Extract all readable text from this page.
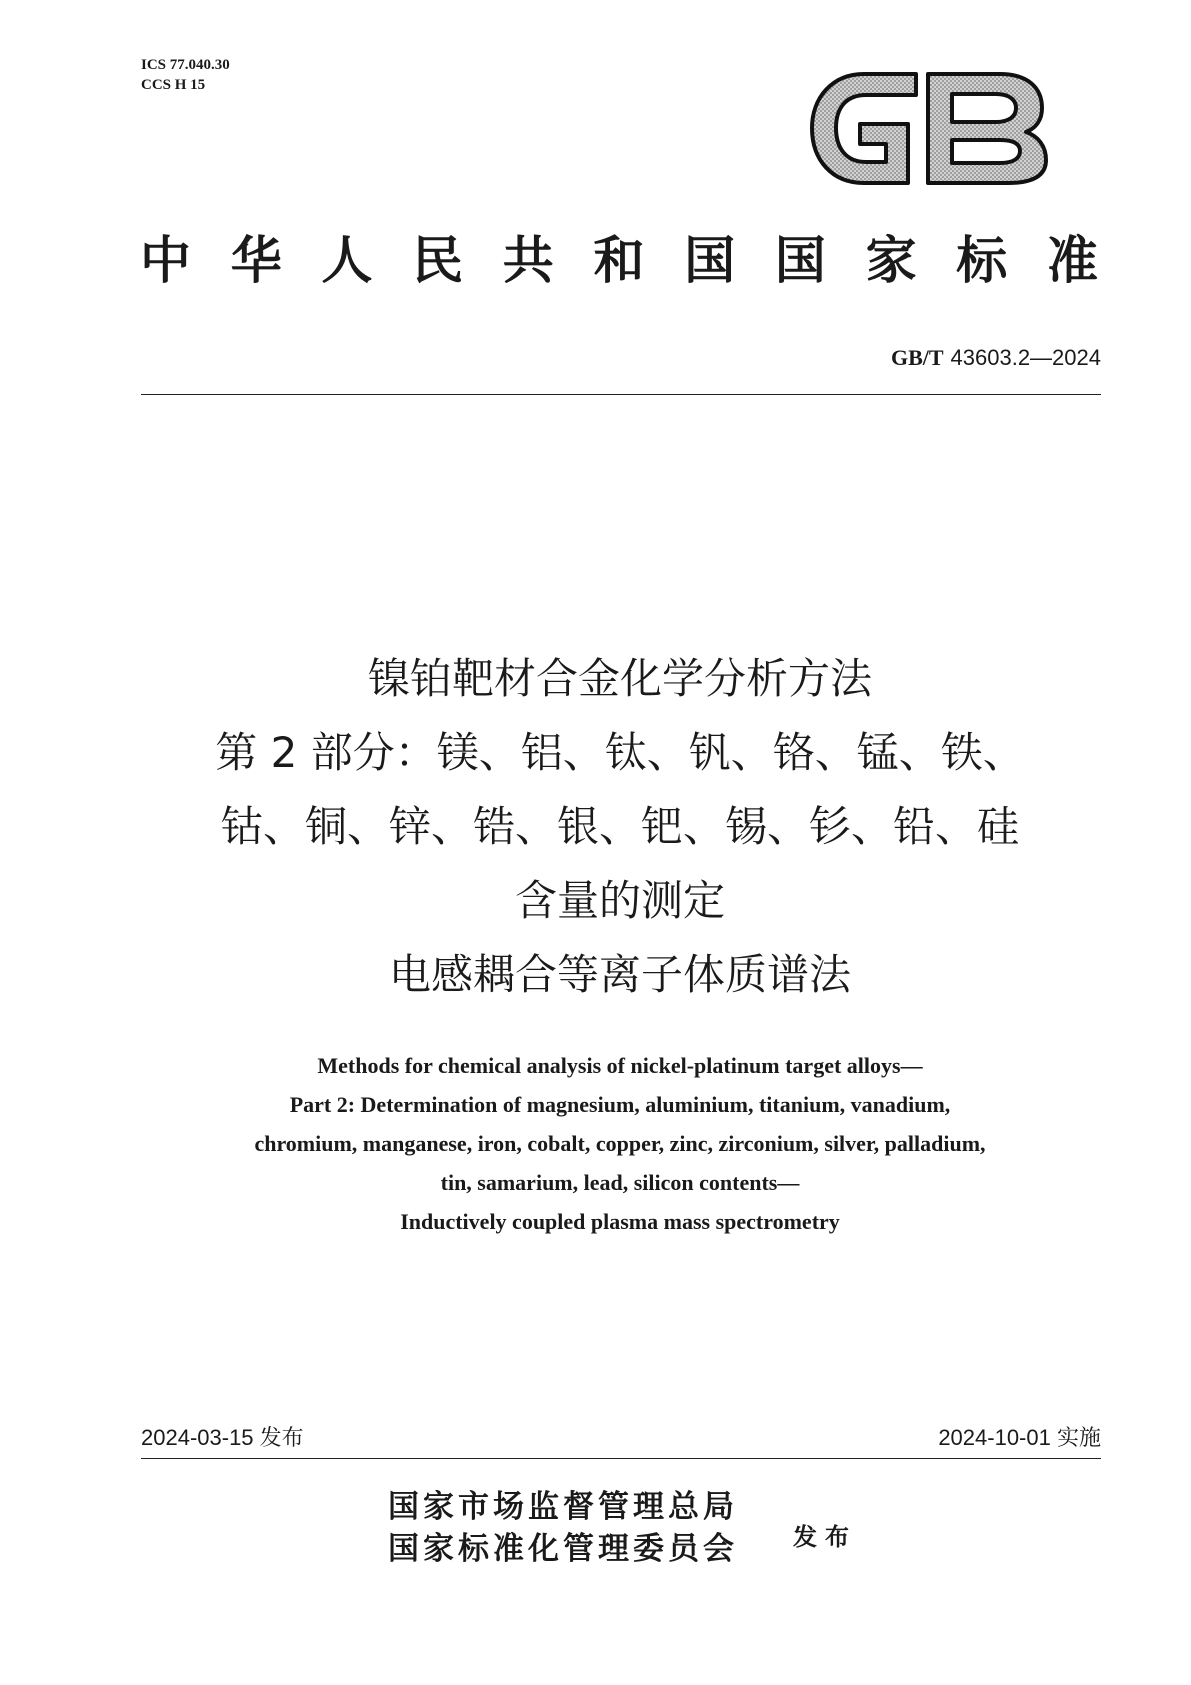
ICS 77.040.30
CCS H 15
中华人民共和国国家标准
GB/T 43603.2—2024
镍铂靶材合金化学分析方法
第 2 部分：镁、铝、钛、钒、铬、锰、铁、
钴、铜、锌、锆、银、钯、锡、钐、铅、硅
含量的测定
电感耦合等离子体质谱法
Methods for chemical analysis of nickel-platinum target alloys—
Part 2: Determination of magnesium, aluminium, titanium, vanadium,
chromium, manganese, iron, cobalt, copper, zinc, zirconium, silver, palladium,
tin, samarium, lead, silicon contents—
Inductively coupled plasma mass spectrometry
2024-03-15 发布	2024-10-01 实施
国家市场监督管理总局
国家标准化管理委员会 发布
